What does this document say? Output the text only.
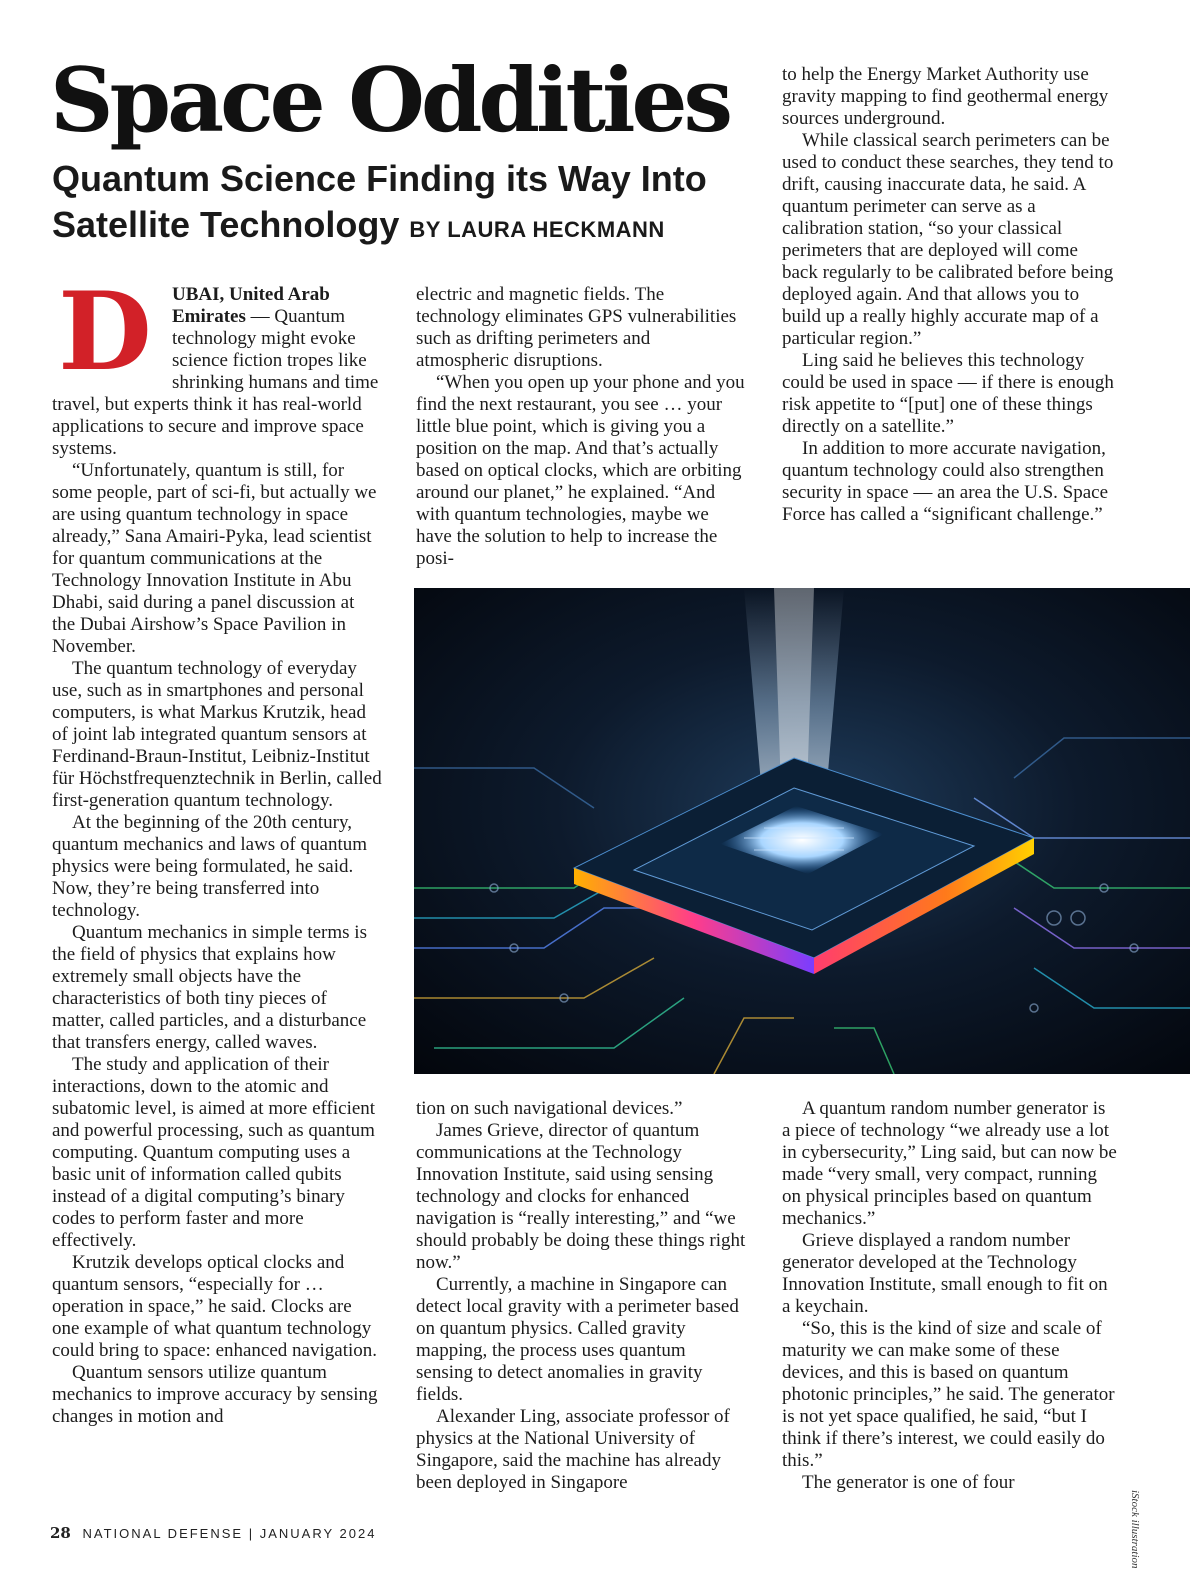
Space Oddities
Quantum Science Finding its Way Into Satellite Technology BY LAURA HECKMANN
D	UBAI, United Arab Emirates — Quantum technology might evoke science fiction tropes like shrinking humans and time travel, but experts think it has real-world applications to secure and improve space systems.

“Unfortunately, quantum is still, for some people, part of sci-fi, but actually we are using quantum technology in space already,” Sana Amairi-Pyka, lead scientist for quantum communications at the Technology Innovation Institute in Abu Dhabi, said during a panel discussion at the Dubai Airshow’s Space Pavilion in November.

The quantum technology of everyday use, such as in smartphones and personal computers, is what Markus Krutzik, head of joint lab integrated quantum sensors at Ferdinand-Braun-Institut, Leibniz-Institut für Höchstfrequenztechnik in Berlin, called first-generation quantum technology.

At the beginning of the 20th century, quantum mechanics and laws of quantum physics were being formulated, he said. Now, they’re being transferred into technology.

Quantum mechanics in simple terms is the field of physics that explains how extremely small objects have the characteristics of both tiny pieces of matter, called particles, and a disturbance that transfers energy, called waves.

The study and application of their interactions, down to the atomic and subatomic level, is aimed at more efficient and powerful processing, such as quantum computing. Quantum computing uses a basic unit of information called qubits instead of a digital computing’s binary codes to perform faster and more effectively.

Krutzik develops optical clocks and quantum sensors, “especially for … operation in space,” he said. Clocks are one example of what quantum technology could bring to space: enhanced navigation.

Quantum sensors utilize quantum mechanics to improve accuracy by sensing changes in motion and

electric and magnetic fields. The technology eliminates GPS vulnerabilities such as drifting perimeters and atmospheric disruptions.

“When you open up your phone and you find the next restaurant, you see … your little blue point, which is giving you a position on the map. And that’s actually based on optical clocks, which are orbiting around our planet,” he explained. “And with quantum technologies, maybe we have the solution to help to increase the posi-

to help the Energy Market Authority use gravity mapping to find geothermal energy sources underground.

While classical search perimeters can be used to conduct these searches, they tend to drift, causing inaccurate data, he said. A quantum perimeter can serve as a calibration station, “so your classical perimeters that are deployed will come back regularly to be calibrated before being deployed again. And that allows you to build up a really highly accurate map of a particular region.”

Ling said he believes this technology could be used in space — if there is enough risk appetite to “[put] one of these things directly on a satellite.”

In addition to more accurate navigation, quantum technology could also strengthen security in space — an area the U.S. Space Force has called a “significant challenge.”

tion on such navigational devices.”

James Grieve, director of quantum communications at the Technology Innovation Institute, said using sensing technology and clocks for enhanced navigation is “really interesting,” and “we should probably be doing these things right now.”

Currently, a machine in Singapore can detect local gravity with a perimeter based on quantum physics. Called gravity mapping, the process uses quantum sensing to detect anomalies in gravity fields.

Alexander Ling, associate professor of physics at the National University of Singapore, said the machine has already been deployed in Singapore

A quantum random number generator is a piece of technology “we already use a lot in cybersecurity,” Ling said, but can now be made “very small, very compact, running on physical principles based on quantum mechanics.”

Grieve displayed a random number generator developed at the Technology Innovation Institute, small enough to fit on a keychain.

“So, this is the kind of size and scale of maturity we can make some of these devices, and this is based on quantum photonic principles,” he said. The generator is not yet space qualified, he said, “but I think if there’s interest, we could easily do this.”

The generator is one of four

iStock illustration
28 NATIONAL DEFENSE | JANUARY 2024
